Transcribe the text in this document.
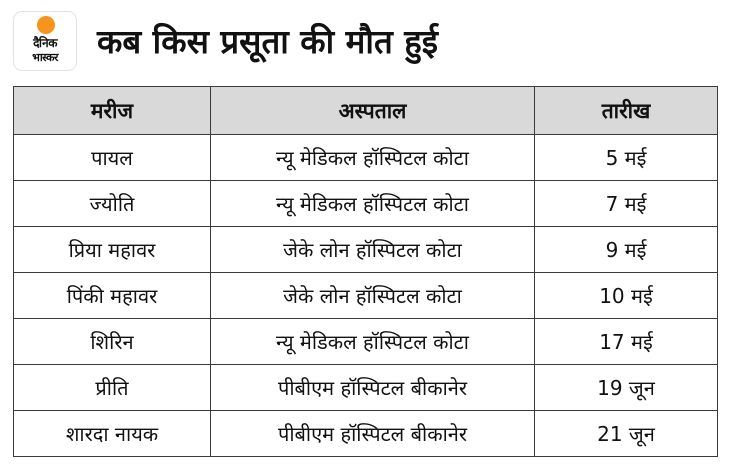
दैनिक
भास्कर	कब किस प्रसूता की मौत हुई
मरीज	अस्पताल	तारीख
पायल	न्यू मेडिकल हॉस्पिटल कोटा	5 मई
ज्योति	न्यू मेडिकल हॉस्पिटल कोटा	7 मई
प्रिया महावर	जेके लोन हॉस्पिटल कोटा	9 मई
पिंकी महावर	जेके लोन हॉस्पिटल कोटा	10 मई
शिरिन	न्यू मेडिकल हॉस्पिटल कोटा	17 मई
प्रीति	पीबीएम हॉस्पिटल बीकानेर	19 जून
शारदा नायक	पीबीएम हॉस्पिटल बीकानेर	21 जून
